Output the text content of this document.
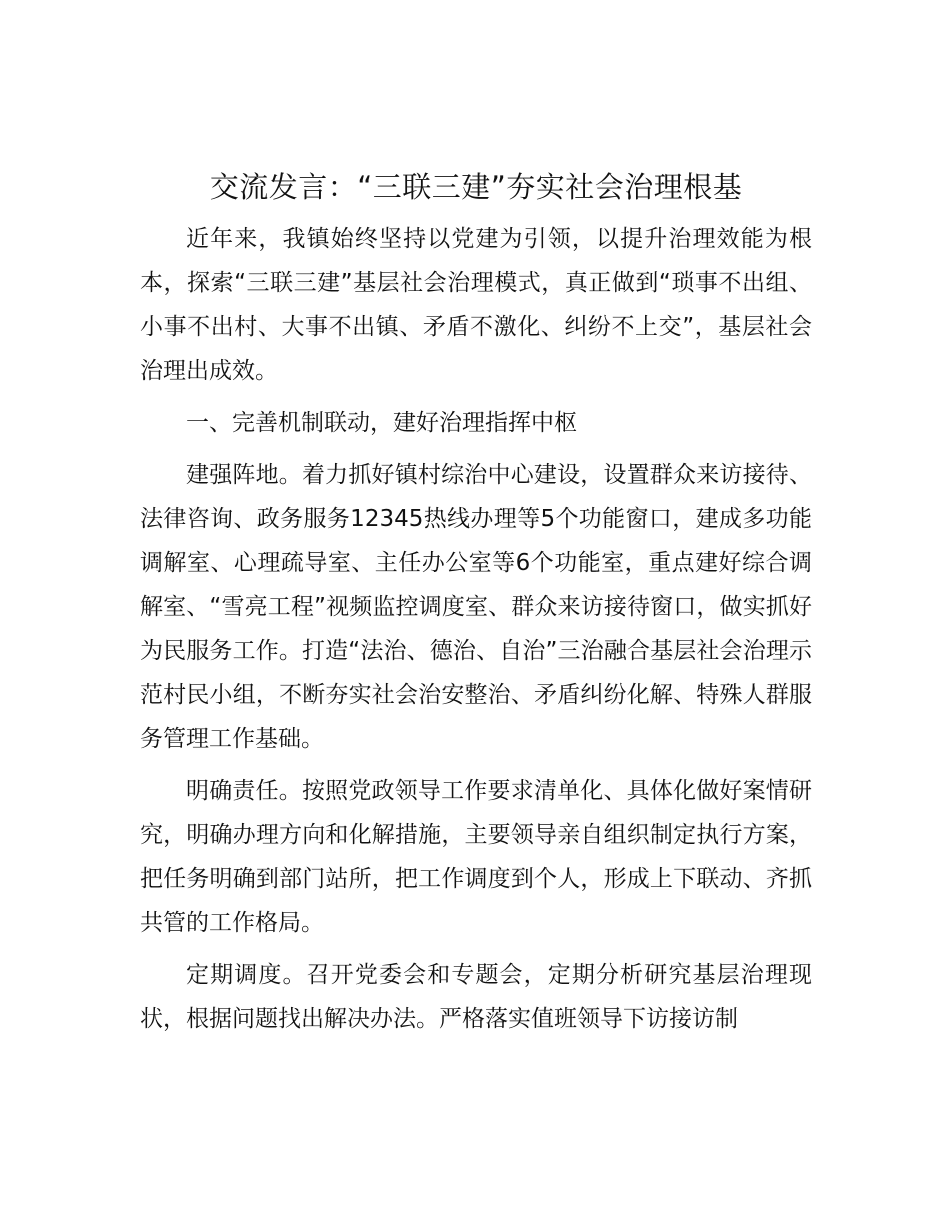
交流发言：“三联三建”夯实社会治理根基

近年来，我镇始终坚持以党建为引领，以提升治理效能为根本，探索“三联三建”基层社会治理模式，真正做到“琐事不出组、小事不出村、大事不出镇、矛盾不激化、纠纷不上交”，基层社会治理出成效。

一、完善机制联动，建好治理指挥中枢

建强阵地。着力抓好镇村综治中心建设，设置群众来访接待、法律咨询、政务服务12345热线办理等5个功能窗口，建成多功能调解室、心理疏导室、主任办公室等6个功能室，重点建好综合调解室、“雪亮工程”视频监控调度室、群众来访接待窗口，做实抓好为民服务工作。打造“法治、德治、自治”三治融合基层社会治理示范村民小组，不断夯实社会治安整治、矛盾纠纷化解、特殊人群服务管理工作基础。

明确责任。按照党政领导工作要求清单化、具体化做好案情研究，明确办理方向和化解措施，主要领导亲自组织制定执行方案，把任务明确到部门站所，把工作调度到个人，形成上下联动、齐抓共管的工作格局。

定期调度。召开党委会和专题会，定期分析研究基层治理现状，根据问题找出解决办法。严格落实值班领导下访接访制
